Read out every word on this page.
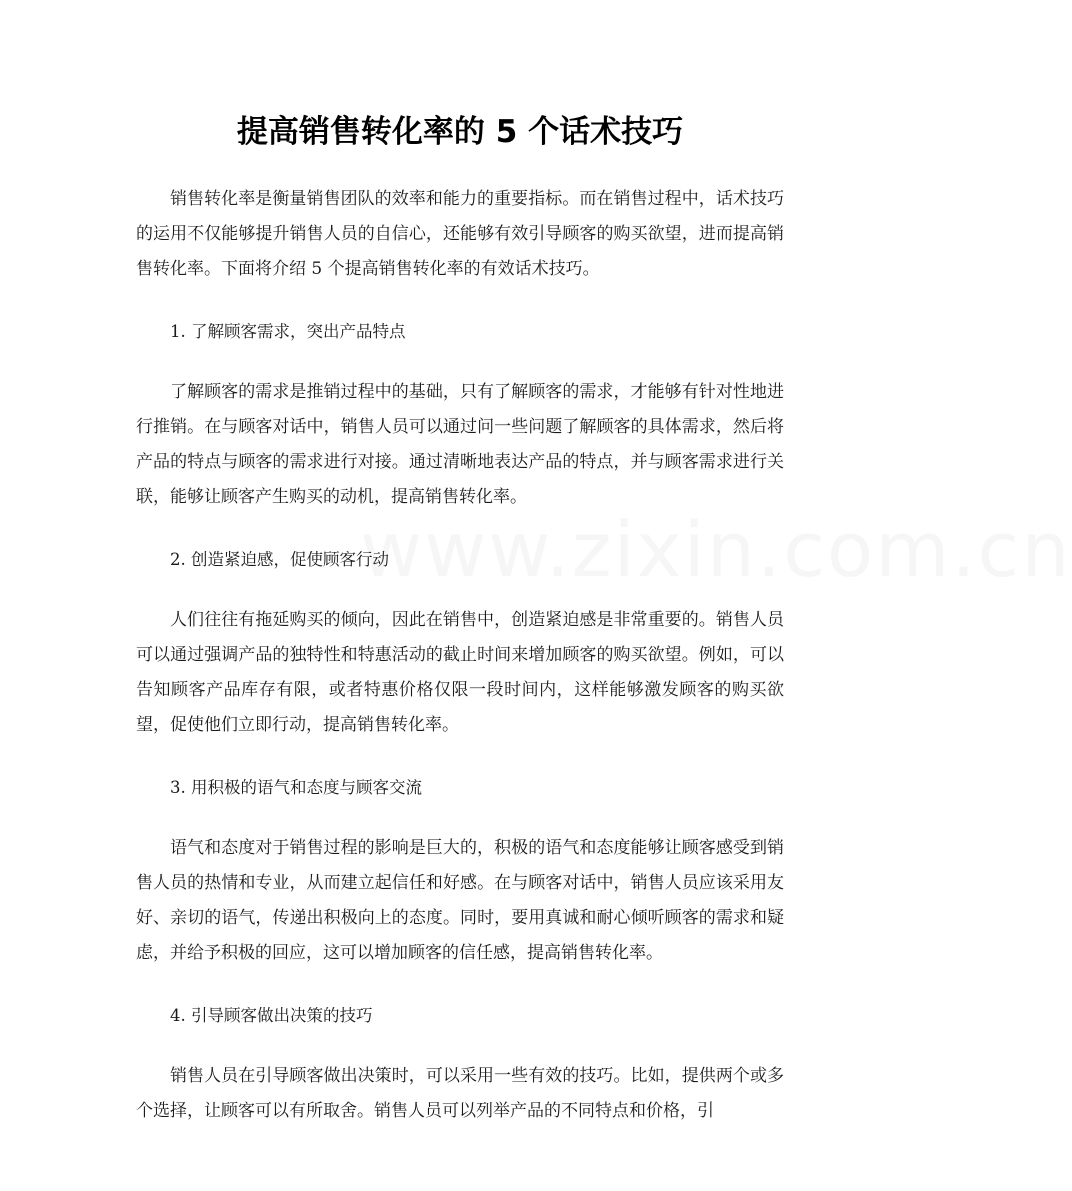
www.zixin.com.cn
提高销售转化率的 5 个话术技巧

销售转化率是衡量销售团队的效率和能力的重要指标。而在销售过程中，话术技巧的运用不仅能够提升销售人员的自信心，还能够有效引导顾客的购买欲望，进而提高销售转化率。下面将介绍 5 个提高销售转化率的有效话术技巧。

1. 了解顾客需求，突出产品特点

了解顾客的需求是推销过程中的基础，只有了解顾客的需求，才能够有针对性地进行推销。在与顾客对话中，销售人员可以通过问一些问题了解顾客的具体需求，然后将产品的特点与顾客的需求进行对接。通过清晰地表达产品的特点，并与顾客需求进行关联，能够让顾客产生购买的动机，提高销售转化率。

2. 创造紧迫感，促使顾客行动

人们往往有拖延购买的倾向，因此在销售中，创造紧迫感是非常重要的。销售人员可以通过强调产品的独特性和特惠活动的截止时间来增加顾客的购买欲望。例如，可以告知顾客产品库存有限，或者特惠价格仅限一段时间内，这样能够激发顾客的购买欲望，促使他们立即行动，提高销售转化率。

3. 用积极的语气和态度与顾客交流

语气和态度对于销售过程的影响是巨大的，积极的语气和态度能够让顾客感受到销售人员的热情和专业，从而建立起信任和好感。在与顾客对话中，销售人员应该采用友好、亲切的语气，传递出积极向上的态度。同时，要用真诚和耐心倾听顾客的需求和疑虑，并给予积极的回应，这可以增加顾客的信任感，提高销售转化率。

4. 引导顾客做出决策的技巧

销售人员在引导顾客做出决策时，可以采用一些有效的技巧。比如，提供两个或多个选择，让顾客可以有所取舍。销售人员可以列举产品的不同特点和价格，引
